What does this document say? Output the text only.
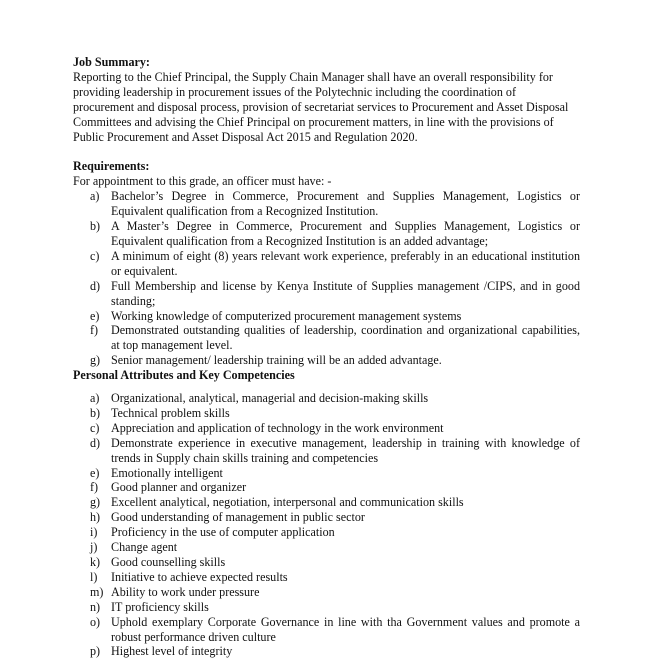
Job Summary:

Reporting to the Chief Principal, the Supply Chain Manager shall have an overall responsibility for providing leadership in procurement issues of the Polytechnic including the coordination of procurement and disposal process, provision of secretariat services to Procurement and Asset Disposal Committees and advising the Chief Principal on procurement matters, in line with the provisions of Public Procurement and Asset Disposal Act 2015 and Regulation 2020.

Requirements:

For appointment to this grade, an officer must have: -

a) Bachelor’s Degree in Commerce, Procurement and Supplies Management, Logistics or Equivalent qualification from a Recognized Institution.
b) A Master’s Degree in Commerce, Procurement and Supplies Management, Logistics or Equivalent qualification from a Recognized Institution is an added advantage;
c) A minimum of eight (8) years relevant work experience, preferably in an educational institution or equivalent.
d) Full Membership and license by Kenya Institute of Supplies management /CIPS, and in good standing;
e) Working knowledge of computerized procurement management systems
f) Demonstrated outstanding qualities of leadership, coordination and organizational capabilities, at top management level.
g) Senior management/ leadership training will be an added advantage.

Personal Attributes and Key Competencies

a) Organizational, analytical, managerial and decision-making skills
b) Technical problem skills
c) Appreciation and application of technology in the work environment
d) Demonstrate experience in executive management, leadership in training with knowledge of trends in Supply chain skills training and competencies
e) Emotionally intelligent
f) Good planner and organizer
g) Excellent analytical, negotiation, interpersonal and communication skills
h) Good understanding of management in public sector
i) Proficiency in the use of computer application
j) Change agent
k) Good counselling skills
l) Initiative to achieve expected results
m) Ability to work under pressure
n) IT proficiency skills
o) Uphold exemplary Corporate Governance in line with tha Government values and promote a robust performance driven culture
p) Highest level of integrity
